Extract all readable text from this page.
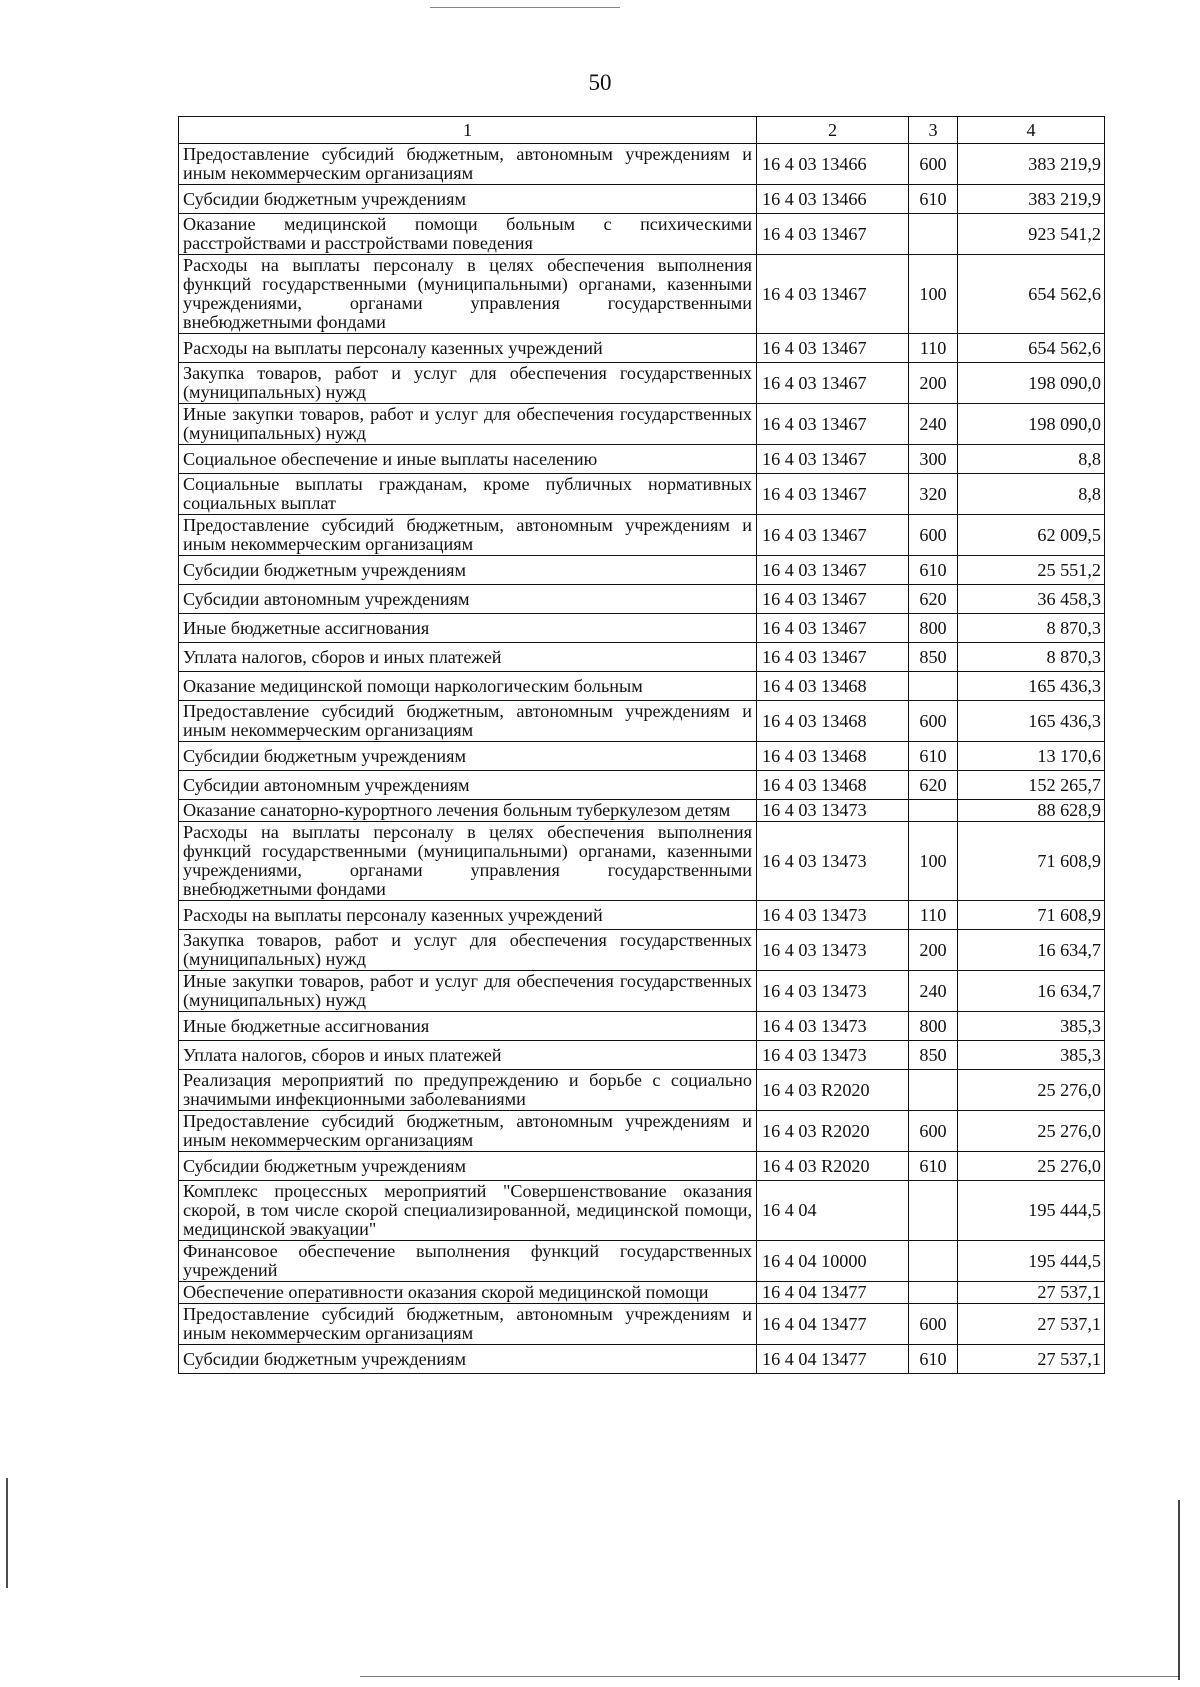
50
1	2	3	4
Предоставление субсидий бюджетным, автономным учреждениям и иным некоммерческим организациям	16 4 03 13466	600	383 219,9
Субсидии бюджетным учреждениям	16 4 03 13466	610	383 219,9
Оказание медицинской помощи больным с психическими расстройствами и расстройствами поведения	16 4 03 13467		923 541,2
Расходы на выплаты персоналу в целях обеспечения выполнения функций государственными (муниципальными) органами, казенными учреждениями, органами управления государственными внебюджетными фондами	16 4 03 13467	100	654 562,6
Расходы на выплаты персоналу казенных учреждений	16 4 03 13467	110	654 562,6
Закупка товаров, работ и услуг для обеспечения государственных (муниципальных) нужд	16 4 03 13467	200	198 090,0
Иные закупки товаров, работ и услуг для обеспечения государственных (муниципальных) нужд	16 4 03 13467	240	198 090,0
Социальное обеспечение и иные выплаты населению	16 4 03 13467	300	8,8
Социальные выплаты гражданам, кроме публичных нормативных социальных выплат	16 4 03 13467	320	8,8
Предоставление субсидий бюджетным, автономным учреждениям и иным некоммерческим организациям	16 4 03 13467	600	62 009,5
Субсидии бюджетным учреждениям	16 4 03 13467	610	25 551,2
Субсидии автономным учреждениям	16 4 03 13467	620	36 458,3
Иные бюджетные ассигнования	16 4 03 13467	800	8 870,3
Уплата налогов, сборов и иных платежей	16 4 03 13467	850	8 870,3
Оказание медицинской помощи наркологическим больным	16 4 03 13468		165 436,3
Предоставление субсидий бюджетным, автономным учреждениям и иным некоммерческим организациям	16 4 03 13468	600	165 436,3
Субсидии бюджетным учреждениям	16 4 03 13468	610	13 170,6
Субсидии автономным учреждениям	16 4 03 13468	620	152 265,7
Оказание санаторно-курортного лечения больным туберкулезом детям	16 4 03 13473		88 628,9
Расходы на выплаты персоналу в целях обеспечения выполнения функций государственными (муниципальными) органами, казенными учреждениями, органами управления государственными внебюджетными фондами	16 4 03 13473	100	71 608,9
Расходы на выплаты персоналу казенных учреждений	16 4 03 13473	110	71 608,9
Закупка товаров, работ и услуг для обеспечения государственных (муниципальных) нужд	16 4 03 13473	200	16 634,7
Иные закупки товаров, работ и услуг для обеспечения государственных (муниципальных) нужд	16 4 03 13473	240	16 634,7
Иные бюджетные ассигнования	16 4 03 13473	800	385,3
Уплата налогов, сборов и иных платежей	16 4 03 13473	850	385,3
Реализация мероприятий по предупреждению и борьбе с социально значимыми инфекционными заболеваниями	16 4 03 R2020		25 276,0
Предоставление субсидий бюджетным, автономным учреждениям и иным некоммерческим организациям	16 4 03 R2020	600	25 276,0
Субсидии бюджетным учреждениям	16 4 03 R2020	610	25 276,0
Комплекс процессных мероприятий "Совершенствование оказания скорой, в том числе скорой специализированной, медицинской помощи, медицинской эвакуации"	16 4 04		195 444,5
Финансовое обеспечение выполнения функций государственных учреждений	16 4 04 10000		195 444,5
Обеспечение оперативности оказания скорой медицинской помощи	16 4 04 13477		27 537,1
Предоставление субсидий бюджетным, автономным учреждениям и иным некоммерческим организациям	16 4 04 13477	600	27 537,1
Субсидии бюджетным учреждениям	16 4 04 13477	610	27 537,1
